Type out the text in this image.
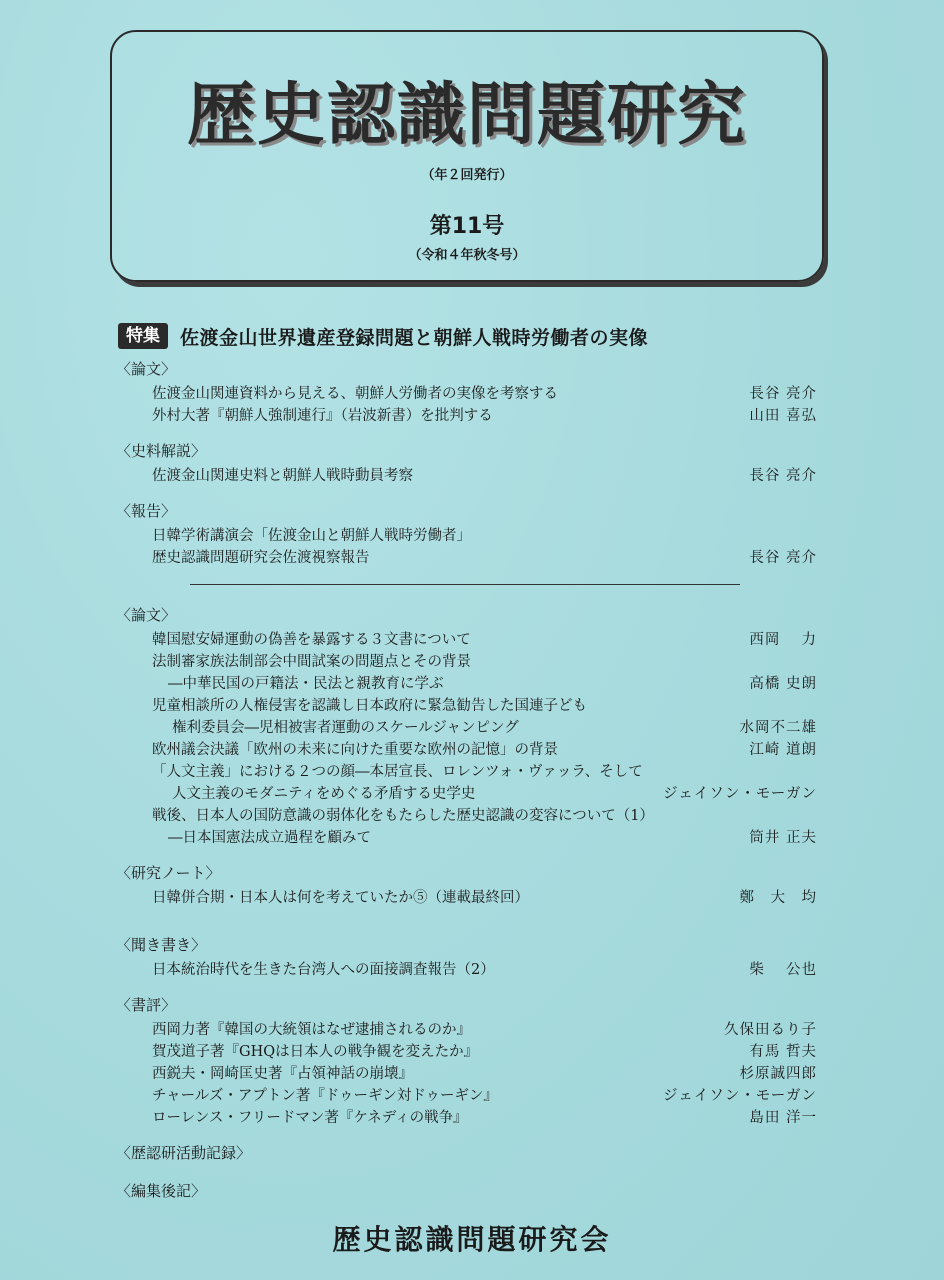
歴史認識問題研究
（年２回発行）
第11号
（令和４年秋冬号）
特集	佐渡金山世界遺産登録問題と朝鮮人戦時労働者の実像
〈論文〉
佐渡金山関連資料から見える、朝鮮人労働者の実像を考察する	長谷 亮介
外村大著『朝鮮人強制連行』（岩波新書）を批判する	山田 喜弘
〈史料解説〉
佐渡金山関連史料と朝鮮人戦時動員考察	長谷 亮介
〈報告〉
日韓学術講演会「佐渡金山と朝鮮人戦時労働者」
歴史認識問題研究会佐渡視察報告	長谷 亮介
〈論文〉
韓国慰安婦運動の偽善を暴露する３文書について	西岡　 力
法制審家族法制部会中間試案の問題点とその背景
―中華民国の戸籍法・民法と親教育に学ぶ	高橋 史朗
児童相談所の人権侵害を認識し日本政府に緊急勧告した国連子ども
権利委員会―児相被害者運動のスケールジャンピング	水岡不二雄
欧州議会決議「欧州の未来に向けた重要な欧州の記憶」の背景	江崎 道朗
「人文主義」における２つの顔―本居宣長、ロレンツォ・ヴァッラ、そして
人文主義のモダニティをめぐる矛盾する史学史	ジェイソン・モーガン
戦後、日本人の国防意識の弱体化をもたらした歴史認識の変容について（1）
―日本国憲法成立過程を顧みて	筒井 正夫
〈研究ノート〉
日韓併合期・日本人は何を考えていたか⑤（連載最終回）	鄭　大　均
〈聞き書き〉
日本統治時代を生きた台湾人への面接調査報告（2）	柴　 公也
〈書評〉
西岡力著『韓国の大統領はなぜ逮捕されるのか』	久保田るり子
賀茂道子著『GHQは日本人の戦争観を変えたか』	有馬 哲夫
西鋭夫・岡崎匡史著『占領神話の崩壊』	杉原誠四郎
チャールズ・アプトン著『ドゥーギン対ドゥーギン』	ジェイソン・モーガン
ローレンス・フリードマン著『ケネディの戦争』	島田 洋一
〈歴認研活動記録〉
〈編集後記〉
歴史認識問題研究会
